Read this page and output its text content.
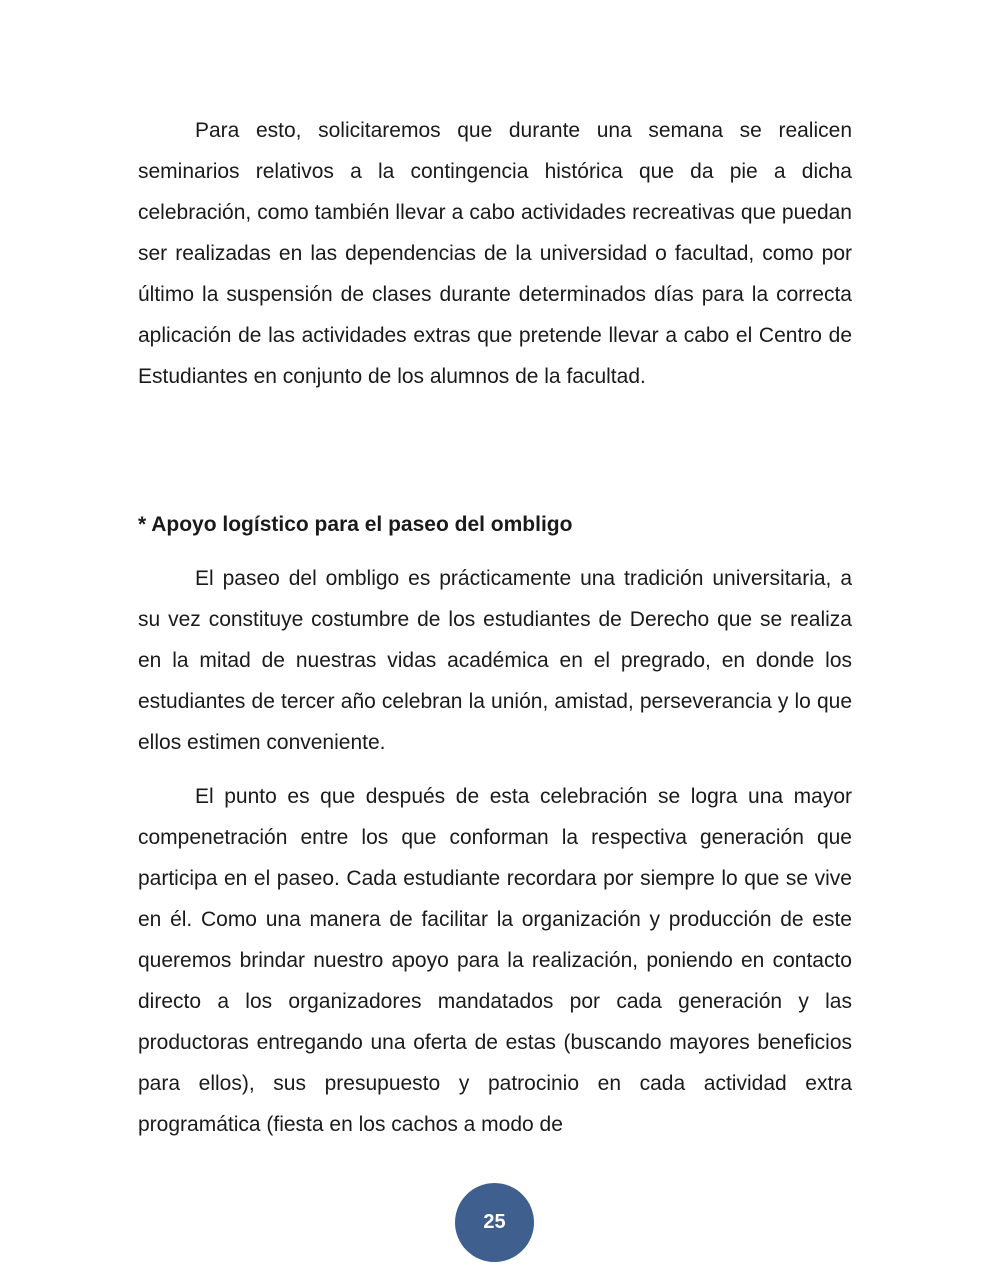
Para esto, solicitaremos que durante una semana se realicen seminarios relativos a la contingencia histórica que da pie a dicha celebración, como también llevar a cabo actividades recreativas que puedan ser realizadas en las dependencias de la universidad o facultad, como por último la suspensión de clases durante determinados días para la correcta aplicación de las actividades extras que pretende llevar a cabo el Centro de Estudiantes en conjunto de los alumnos de la facultad.

* Apoyo logístico para el paseo del ombligo

El paseo del ombligo es prácticamente una tradición universitaria, a su vez constituye costumbre de los estudiantes de Derecho que se realiza en la mitad de nuestras vidas académica en el pregrado, en donde los estudiantes de tercer año celebran la unión, amistad, perseverancia y lo que ellos estimen conveniente.

El punto es que después de esta celebración se logra una mayor compenetración entre los que conforman la respectiva generación que participa en el paseo. Cada estudiante recordara por siempre lo que se vive en él. Como una manera de facilitar la organización y producción de este queremos brindar nuestro apoyo para la realización, poniendo en contacto directo a los organizadores mandatados por cada generación y las productoras entregando una oferta de estas (buscando mayores beneficios para ellos), sus presupuesto y patrocinio en cada actividad extra programática (fiesta en los cachos a modo de

25
